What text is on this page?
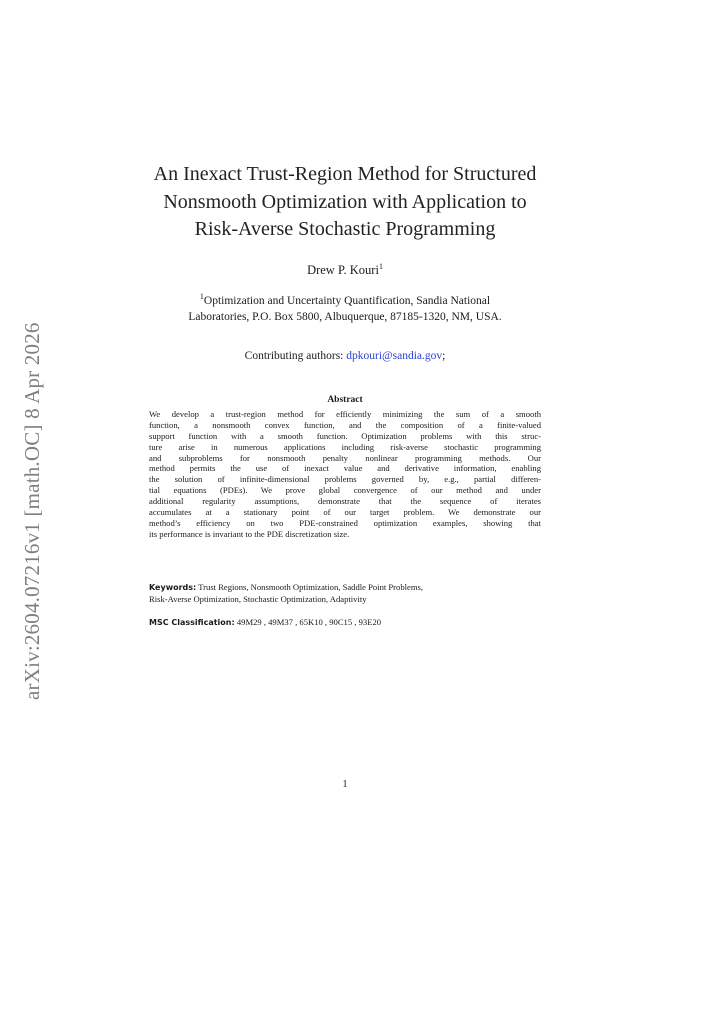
arXiv:2604.07216v1 [math.OC] 8 Apr 2026
An Inexact Trust-Region Method for Structured
Nonsmooth Optimization with Application to
Risk-Averse Stochastic Programming
Drew P. Kouri$^1$
$^1$Optimization and Uncertainty Quantification, Sandia National
Laboratories, P.O. Box 5800, Albuquerque, 87185-1320, NM, USA.
Contributing authors: dpkouri@sandia.gov;
Abstract
We develop a trust-region method for efficiently minimizing the sum of a smooth
function, a nonsmooth convex function, and the composition of a finite-valued
support function with a smooth function. Optimization problems with this struc-
ture arise in numerous applications including risk-averse stochastic programming
and subproblems for nonsmooth penalty nonlinear programming methods. Our
method permits the use of inexact value and derivative information, enabling
the solution of infinite-dimensional problems governed by, e.g., partial differen-
tial equations (PDEs). We prove global convergence of our method and under
additional regularity assumptions, demonstrate that the sequence of iterates
accumulates at a stationary point of our target problem. We demonstrate our
method’s efficiency on two PDE-constrained optimization examples, showing that
its performance is invariant to the PDE discretization size.
Keywords: Trust Regions, Nonsmooth Optimization, Saddle Point Problems,
Risk-Averse Optimization, Stochastic Optimization, Adaptivity
MSC Classification: 49M29 , 49M37 , 65K10 , 90C15 , 93E20
1
